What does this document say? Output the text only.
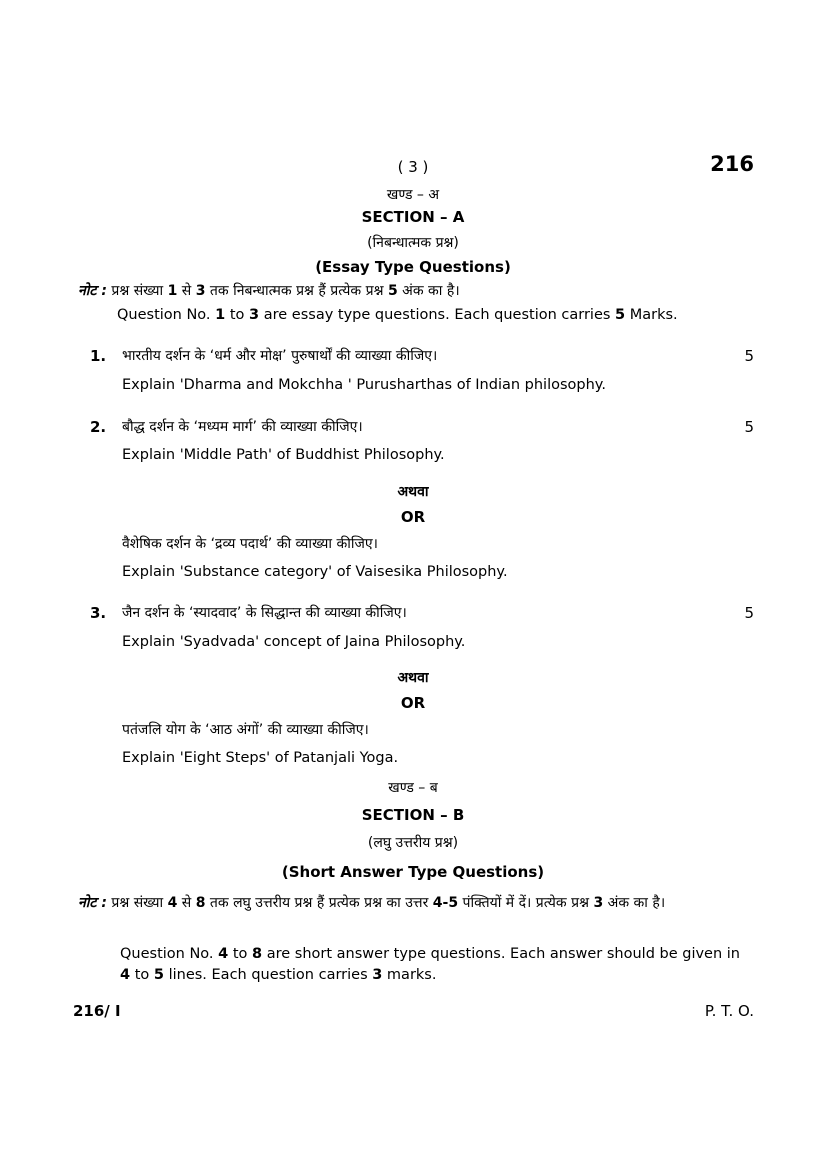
( 3 )	216
खण्ड – अ
SECTION – A
(निबन्धात्मक प्रश्न)
(Essay Type Questions)
नोट : प्रश्न संख्या 1 से 3 तक निबन्धात्मक प्रश्न हैं प्रत्येक प्रश्न 5 अंक का है।
Question No. 1 to 3 are essay type questions. Each question carries 5 Marks.
1. भारतीय दर्शन के ‘धर्म और मोक्ष’ पुरुषार्थों की व्याख्या कीजिए।	5
Explain 'Dharma and Mokchha ' Purusharthas of Indian philosophy.
2. बौद्ध दर्शन के ‘मध्यम मार्ग’ की व्याख्या कीजिए।	5
Explain 'Middle Path' of Buddhist Philosophy.
अथवा
OR
वैशेषिक दर्शन के ‘द्रव्य पदार्थ’ की व्याख्या कीजिए।
Explain 'Substance category' of Vaisesika Philosophy.
3. जैन दर्शन के ‘स्यादवाद’ के सिद्धान्त की व्याख्या कीजिए।	5
Explain 'Syadvada' concept of Jaina Philosophy.
अथवा
OR
पतंजलि योग के ‘आठ अंगों’ की व्याख्या कीजिए।
Explain 'Eight Steps' of Patanjali Yoga.
खण्ड – ब
SECTION – B
(लघु उत्तरीय प्रश्न)
(Short Answer Type Questions)
नोट : प्रश्न संख्या 4 से 8 तक लघु उत्तरीय प्रश्न हैं प्रत्येक प्रश्न का उत्तर 4-5 पंक्तियों में दें। प्रत्येक प्रश्न 3 अंक का है।
Question No. 4 to 8 are short answer type questions. Each answer should be given in 4 to 5 lines. Each question carries 3 marks.
216/ I	P. T. O.
